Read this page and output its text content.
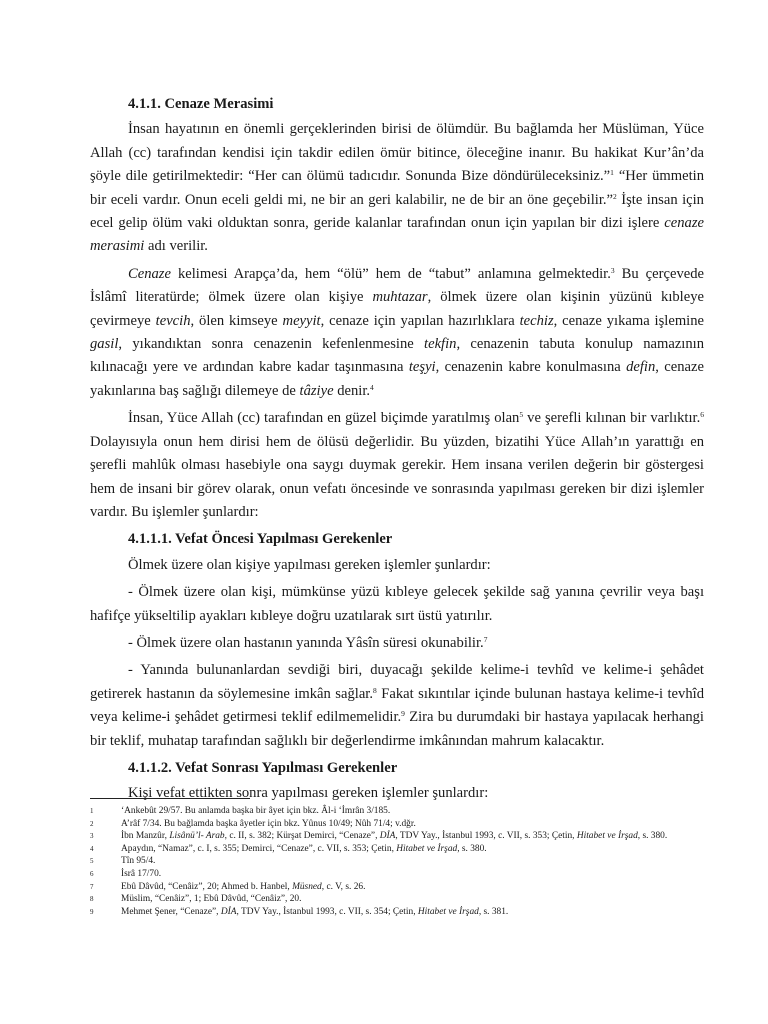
4.1.1. Cenaze Merasimi

İnsan hayatının en önemli gerçeklerinden birisi de ölümdür. Bu bağlamda her Müslüman, Yüce Allah (cc) tarafından kendisi için takdir edilen ömür bitince, öleceğine inanır. Bu hakikat Kur’ân’da şöyle dile getirilmektedir: “Her can ölümü tadıcıdır. Sonunda Bize döndürüleceksiniz.”$^1$ “Her ümmetin bir eceli vardır. Onun eceli geldi mi, ne bir an geri kalabilir, ne de bir an öne geçebilir.”$^2$ İşte insan için ecel gelip ölüm vaki olduktan sonra, geride kalanlar tarafından onun için yapılan bir dizi işlere cenaze merasimi adı verilir.

Cenaze kelimesi Arapça’da, hem “ölü” hem de “tabut” anlamına gelmektedir.$^3$ Bu çerçevede İslâmî literatürde; ölmek üzere olan kişiye muhtazar, ölmek üzere olan kişinin yüzünü kıbleye çevirmeye tevcih, ölen kimseye meyyit, cenaze için yapılan hazırlıklara techiz, cenaze yıkama işlemine gasil, yıkandıktan sonra cenazenin kefenlenmesine tekfin, cenazenin tabuta konulup namazının kılınacağı yere ve ardından kabre kadar taşınmasına teşyi, cenazenin kabre konulmasına defin, cenaze yakınlarına baş sağlığı dilemeye de tâziye denir.$^4$

İnsan, Yüce Allah (cc) tarafından en güzel biçimde yaratılmış olan$^5$ ve şerefli kılınan bir varlıktır.$^6$ Dolayısıyla onun hem dirisi hem de ölüsü değerlidir. Bu yüzden, bizatihi Yüce Allah’ın yarattığı en şerefli mahlûk olması hasebiyle ona saygı duymak gerekir. Hem insana verilen değerin bir göstergesi hem de insani bir görev olarak, onun vefatı öncesinde ve sonrasında yapılması gereken bir dizi işlemler vardır. Bu işlemler şunlardır:

4.1.1.1. Vefat Öncesi Yapılması Gerekenler

Ölmek üzere olan kişiye yapılması gereken işlemler şunlardır:

- Ölmek üzere olan kişi, mümkünse yüzü kıbleye gelecek şekilde sağ yanına çevrilir veya başı hafifçe yükseltilip ayakları kıbleye doğru uzatılarak sırt üstü yatırılır.

- Ölmek üzere olan hastanın yanında Yâsîn süresi okunabilir.$^7$

- Yanında bulunanlardan sevdiği biri, duyacağı şekilde kelime-i tevhîd ve kelime-i şehâdet getirerek hastanın da söylemesine imkân sağlar.$^8$ Fakat sıkıntılar içinde bulunan hastaya kelime-i tevhîd veya kelime-i şehâdet getirmesi teklif edilmemelidir.$^9$ Zira bu durumdaki bir hastaya yapılacak herhangi bir teklif, muhatap tarafından sağlıklı bir değerlendirme imkânından mahrum kalacaktır.

4.1.1.2. Vefat Sonrası Yapılması Gerekenler

Kişi vefat ettikten sonra yapılması gereken işlemler şunlardır:

1	‘Ankebût 29/57. Bu anlamda başka bir âyet için bkz. Âl-i ‘İmrân 3/185.
2	A’râf 7/34. Bu bağlamda başka âyetler için bkz. Yûnus 10/49; Nûh 71/4; v.dğr.
3	İbn Manzûr, Lisânü’l- Arab, c. II, s. 382; Kürşat Demirci, “Cenaze”, DİA, TDV Yay., İstanbul 1993, c. VII, s. 353; Çetin, Hitabet ve İrşad, s. 380.
4	Apaydın, “Namaz”, c. I, s. 355; Demirci, “Cenaze”, c. VII, s. 353; Çetin, Hitabet ve İrşad, s. 380.
5	Tîn 95/4.
6	İsrâ 17/70.
7	Ebû Dâvûd, “Cenâiz”, 20; Ahmed b. Hanbel, Müsned, c. V, s. 26.
8	Müslim, “Cenâiz”, 1; Ebû Dâvûd, “Cenâiz”, 20.
9	Mehmet Şener, “Cenaze”, DİA, TDV Yay., İstanbul 1993, c. VII, s. 354; Çetin, Hitabet ve İrşad, s. 381.
